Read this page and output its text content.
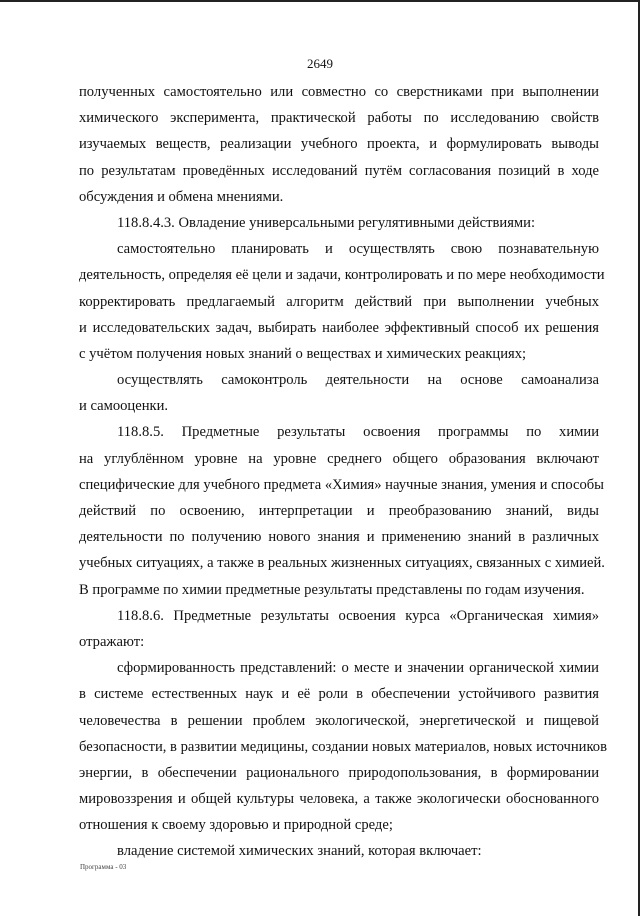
2649
полученных самостоятельно или совместно со сверстниками при выполнении
химического эксперимента, практической работы по исследованию свойств
изучаемых веществ, реализации учебного проекта, и формулировать выводы
по результатам проведённых исследований путём согласования позиций в ходе
обсуждения и обмена мнениями.
118.8.4.3. Овладение универсальными регулятивными действиями:
самостоятельно планировать и осуществлять свою познавательную
деятельность, определяя её цели и задачи, контролировать и по мере необходимости
корректировать предлагаемый алгоритм действий при выполнении учебных
и исследовательских задач, выбирать наиболее эффективный способ их решения
с учётом получения новых знаний о веществах и химических реакциях;
осуществлять самоконтроль деятельности на основе самоанализа
и самооценки.
118.8.5. Предметные результаты освоения программы по химии
на углублённом уровне на уровне среднего общего образования включают
специфические для учебного предмета «Химия» научные знания, умения и способы
действий по освоению, интерпретации и преобразованию знаний, виды
деятельности по получению нового знания и применению знаний в различных
учебных ситуациях, а также в реальных жизненных ситуациях, связанных с химией.
В программе по химии предметные результаты представлены по годам изучения.
118.8.6. Предметные результаты освоения курса «Органическая химия»
отражают:
сформированность представлений: о месте и значении органической химии
в системе естественных наук и её роли в обеспечении устойчивого развития
человечества в решении проблем экологической, энергетической и пищевой
безопасности, в развитии медицины, создании новых материалов, новых источников
энергии, в обеспечении рационального природопользования, в формировании
мировоззрения и общей культуры человека, а также экологически обоснованного
отношения к своему здоровью и природной среде;
владение системой химических знаний, которая включает:
Программа - 03
